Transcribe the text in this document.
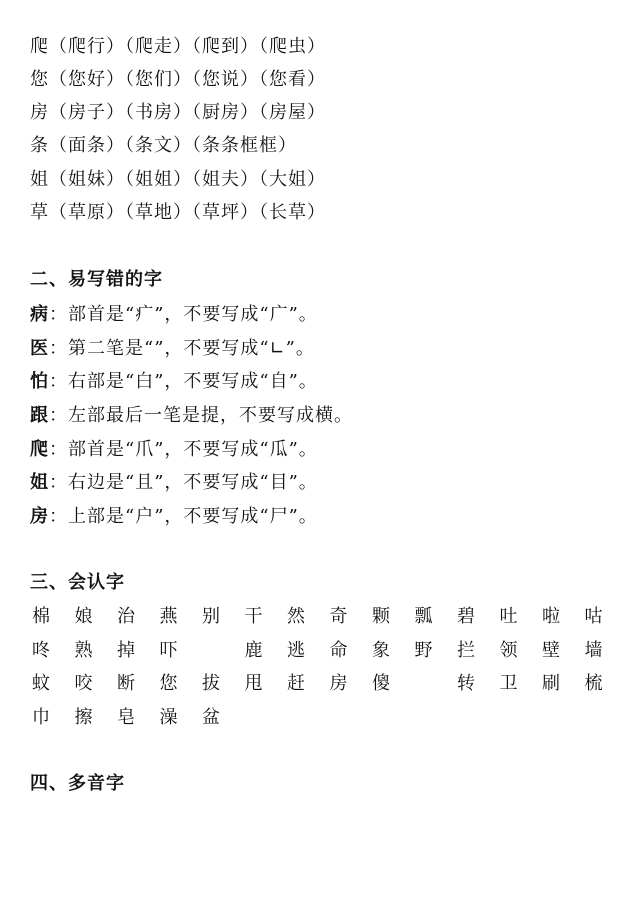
爬（爬行）（爬走）（爬到）（爬虫）
您（您好）（您们）（您说）（您看）
房（房子）（书房）（厨房）（房屋）
条（面条）（条文）（条条框框）
姐（姐妹）（姐姐）（姐夫）（大姐）
草（草原）（草地）（草坪）（长草）
二、易写错的字
病：部首是“疒”，不要写成“广”。
医：第二笔是“”，不要写成“∟”。
怕：右部是“白”，不要写成“自”。
跟：左部最后一笔是提，不要写成横。
爬：部首是“爪”，不要写成“瓜”。
姐：右边是“且”，不要写成“目”。
房：上部是“户”，不要写成“尸”。
三、会认字
棉 娘 治 燕 别 干 然 奇 颗 瓢 碧 吐 啦 咕
咚 熟 掉 吓	鹿 逃 命 象 野 拦 领 壁 墙
蚊 咬 断 您 拔 甩 赶 房 傻	转 卫 刷 梳
巾 擦 皂 澡 盆
四、多音字
